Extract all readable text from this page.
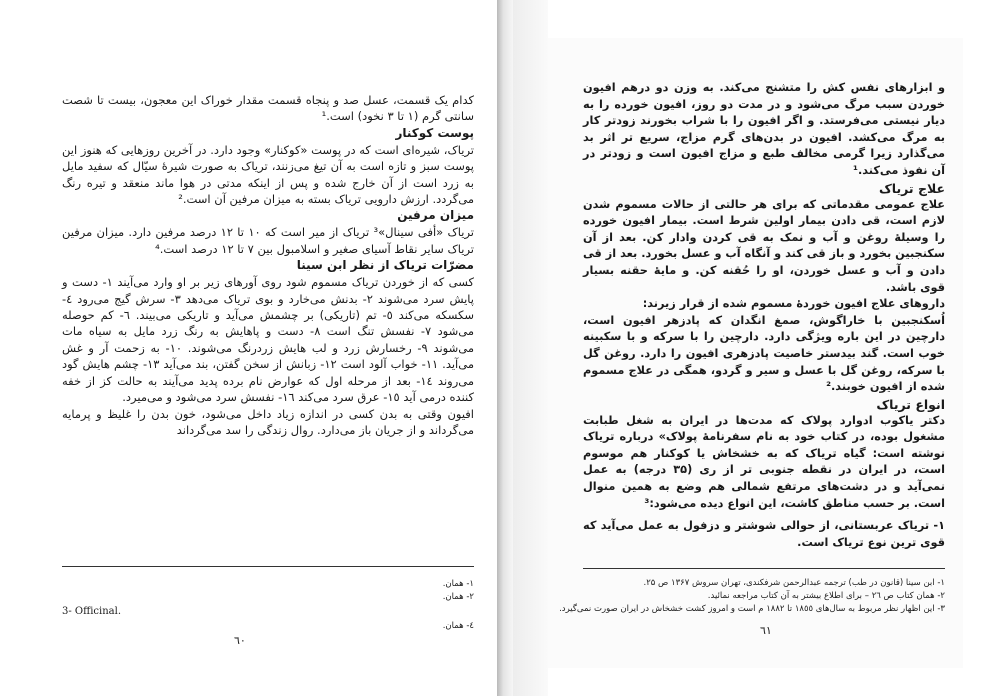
کدام یک قسمت، عسل صد و پنجاه قسمت مقدار خوراک این معجون، بیست تا شصت سانتی گرم (۱ تا ۳ نخود) است.¹

پوست کوکنار

تریاک، شیره‌ای است که در پوست «کوکنار» وجود دارد. در آخرین روزهایی که هنوز این پوست سبز و تازه است به آن تیغ می‌زنند، تریاک به صورت شیرهٔ سیّال که سفید مایل به زرد است از آن خارج شده و پس از اینکه مدتی در هوا ماند منعقد و تیره رنگ می‌گردد. ارزش دارویی تریاک بسته به میزان مرفین آن است.²

میزان مرفین

تریاک «أفی سینال»³ تریاک از میر است که ۱۰ تا ۱۲ درصد مرفین دارد. میزان مرفین تریاک سایر نقاط آسیای صغیر و اسلامبول بین ۷ تا ۱۲ درصد است.⁴

مضرّات تریاک از نظر ابن سینا

کسی که از خوردن تریاک مسموم شود روی آورهای زیر بر او وارد می‌آیند ۱- دست و پایش سرد می‌شوند ۲- بدنش می‌خارد و بوی تریاک می‌دهد ۳- سرش گیج می‌رود ٤- سکسکه می‌کند ٥- تم (تاریکی) بر چشمش می‌آید و تاریکی می‌بیند. ٦- کم حوصله می‌شود ٧- نفسش تنگ است ٨- دست و پاهایش به رنگ زرد مایل به سیاه مات می‌شوند ٩- رخسارش زرد و لب هایش زردرنگ می‌شوند. ۱۰- به زحمت آر و غش می‌آید. ۱۱- خواب آلود است ۱۲- زبانش از سخن گفتن، بند می‌آید ۱۳- چشم هایش گود می‌روند ۱٤- بعد از مرحله اول که عوارض نام برده پدید می‌آیند به حالت کز از خفه کننده درمی آید ۱٥- عرق سرد می‌کند ۱٦- نفسش سرد می‌شود و می‌میرد.

افیون وقتی به بدن کسی در اندازه زیاد داخل می‌شود، خون بدن را غلیظ و پرمایه می‌گرداند و از جریان باز می‌دارد. روال زندگی را سد می‌گرداند

۱- همان.
۲- همان.
٤- همان.
3- Officinal.
٦۰

و ابزارهای نفس کش را متشنج می‌کند. به وزن دو درهم افیون خوردن سبب مرگ می‌شود و در مدت دو روز، افیون خورده را به دیار نیستی می‌فرستد. و اگر افیون را با شراب بخورند زودتر کار به مرگ می‌کشد. افیون در بدن‌های گرم مزاج، سریع تر اثر بد می‌گذارد زیرا گرمی مخالف طبع و مزاج افیون است و زودتر در آن نفوذ می‌کند.¹

علاج تریاک

علاج عمومی مقدماتی که برای هر حالتی از حالات مسموم شدن لازم است، قی دادن بیمار اولین شرط است. بیمار افیون خورده را وسیلهٔ روغن و آب و نمک به قی کردن وادار کن. بعد از آن سکنجبین بخورد و باز قی کند و آنگاه آب و عسل بخورد. بعد از قی دادن و آب و عسل خوردن، او را حُقنه کن. و مایهٔ حقنه بسیار قوی باشد.

داروهای علاج افیون خوردهٔ مسموم شده از قرار زیرند:

اُسکنجبین با خاراگوش، صمغ انگدان که پادزهر افیون است، دارچین در این باره ویژگی دارد. دارچین را با سرکه و با سکبینه خوب است. گند بیدستر خاصیت پادزهری افیون را دارد. روغن گل با سرکه، روغن گل با عسل و سیر و گردو، همگی در علاج مسموم شده از افیون خوبند.²

انواع تریاک

دکتر یاکوب ادوارد پولاک که مدت‌ها در ایران به شغل طبابت مشغول بوده، در کتاب خود به نام سفرنامهٔ پولاک» درباره تریاک نوشته است: گیاه تریاک که به خشخاش یا کوکنار هم موسوم است، در ایران در نقطه جنوبی تر از ری (۳۵ درجه) به عمل نمی‌آید و در دشت‌های مرتفع شمالی هم وضع به همین منوال است. بر حسب مناطق کاشت، این انواع دیده می‌شود:³

۱- تریاک عربستانی، از حوالی شوشتر و دزفول به عمل می‌آید که قوی ترین نوع تریاک است.

۱- ابن سینا (قانون در طب) ترجمه عبدالرحمن شرفکندی، تهران سروش ۱۳۶۷ ص ۲۵.
۲- همان کتاب ص ۲٦ – برای اطلاع بیشتر به آن کتاب مراجعه نمائید.
۳- این اظهار نظر مربوط به سال‌های ۱۸٥٥ تا ۱۸۸۲ م است و امروز کشت خشخاش در ایران صورت نمی‌گیرد.
٦۱
